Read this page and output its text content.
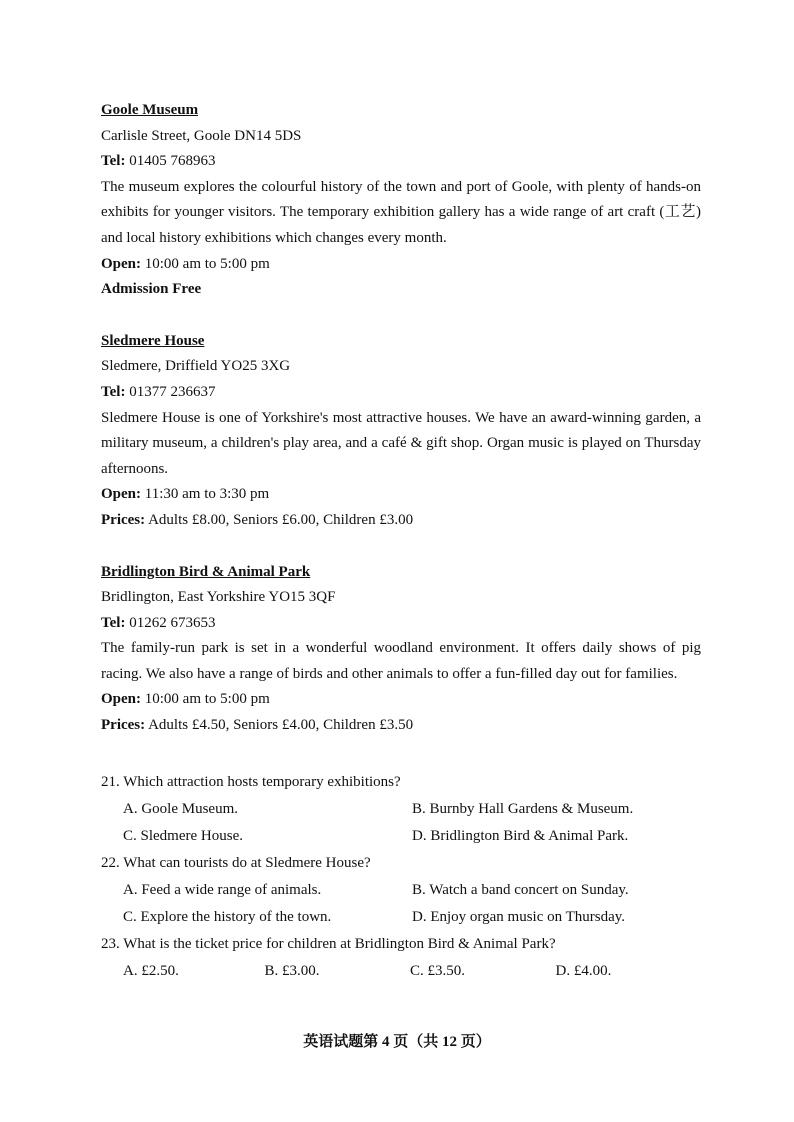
Goole Museum
Carlisle Street, Goole DN14 5DS
Tel: 01405 768963
The museum explores the colourful history of the town and port of Goole, with plenty of hands-on exhibits for younger visitors. The temporary exhibition gallery has a wide range of art craft (工艺) and local history exhibitions which changes every month.
Open: 10:00 am to 5:00 pm
Admission Free
Sledmere House
Sledmere, Driffield YO25 3XG
Tel: 01377 236637
Sledmere House is one of Yorkshire's most attractive houses. We have an award-winning garden, a military museum, a children's play area, and a café & gift shop. Organ music is played on Thursday afternoons.
Open: 11:30 am to 3:30 pm
Prices: Adults £8.00, Seniors £6.00, Children £3.00
Bridlington Bird & Animal Park
Bridlington, East Yorkshire YO15 3QF
Tel: 01262 673653
The family-run park is set in a wonderful woodland environment. It offers daily shows of pig racing. We also have a range of birds and other animals to offer a fun-filled day out for families.
Open: 10:00 am to 5:00 pm
Prices: Adults £4.50, Seniors £4.00, Children £3.50
21. Which attraction hosts temporary exhibitions?
A. Goole Museum.	B. Burnby Hall Gardens & Museum.
C. Sledmere House.	D. Bridlington Bird & Animal Park.
22. What can tourists do at Sledmere House?
A. Feed a wide range of animals.	B. Watch a band concert on Sunday.
C. Explore the history of the town.	D. Enjoy organ music on Thursday.
23. What is the ticket price for children at Bridlington Bird & Animal Park?
A. £2.50.	B. £3.00.	C. £3.50.	D. £4.00.
英语试题第 4 页（共 12 页）
